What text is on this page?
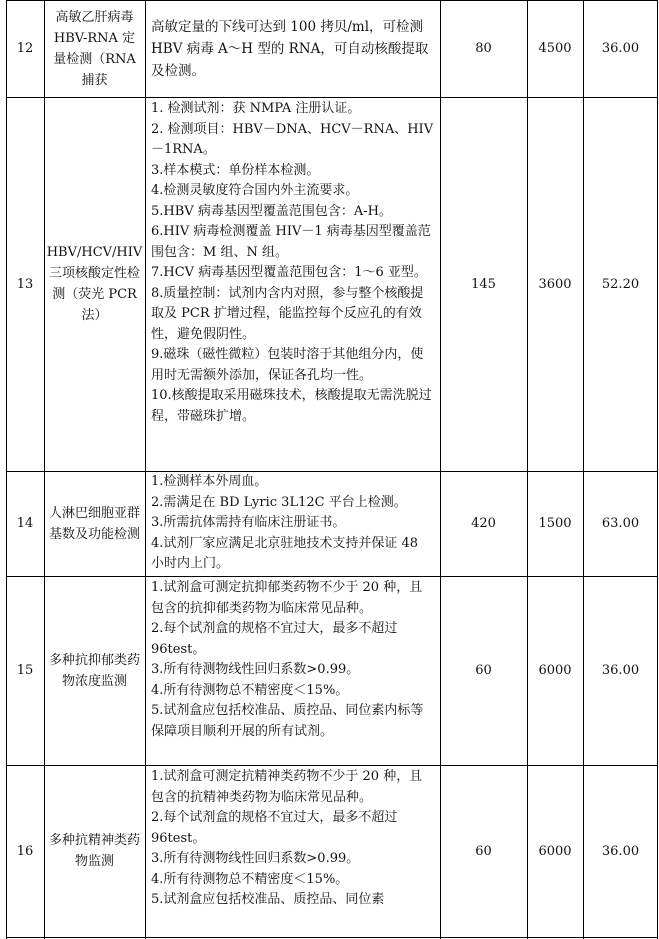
12
高敏乙肝病毒 HBV-RNA 定量检测（RNA 捕获
高敏定量的下线可达到 100 拷贝/ml，可检测 HBV 病毒 A～H 型的 RNA，可自动核酸提取及检测。
80	4500	36.00
13
HBV/HCV/HIV 三项核酸定性检测（荧光 PCR 法）
1. 检测试剂：获 NMPA 注册认证。
2. 检测项目：HBV－DNA、HCV－RNA、HIV－1RNA。
3.样本模式：单份样本检测。
4.检测灵敏度符合国内外主流要求。
5.HBV 病毒基因型覆盖范围包含：A-H。
6.HIV 病毒检测覆盖 HIV－1 病毒基因型覆盖范围包含：M 组、N 组。
7.HCV 病毒基因型覆盖范围包含：1～6 亚型。
8.质量控制：试剂内含内对照，参与整个核酸提取及 PCR 扩增过程，能监控每个反应孔的有效性，避免假阴性。
9.磁珠（磁性微粒）包装时溶于其他组分内，使用时无需额外添加，保证各孔均一性。
10.核酸提取采用磁珠技术，核酸提取无需洗脱过程，带磁珠扩增。
145	3600	52.20
14
人淋巴细胞亚群基数及功能检测
1.检测样本外周血。
2.需满足在 BD Lyric 3L12C 平台上检测。
3.所需抗体需持有临床注册证书。
4.试剂厂家应满足北京驻地技术支持并保证 48 小时内上门。
420	1500	63.00
15
多种抗抑郁类药物浓度监测
1.试剂盒可测定抗抑郁类药物不少于 20 种，且包含的抗抑郁类药物为临床常见品种。
2.每个试剂盒的规格不宜过大，最多不超过 96test。
3.所有待测物线性回归系数>0.99。
4.所有待测物总不精密度＜15%。
5.试剂盒应包括校准品、质控品、同位素内标等保障项目顺利开展的所有试剂。
60	6000	36.00
16
多种抗精神类药物监测
1.试剂盒可测定抗精神类药物不少于 20 种，且包含的抗精神类药物为临床常见品种。
2.每个试剂盒的规格不宜过大，最多不超过 96test。
3.所有待测物线性回归系数>0.99。
4.所有待测物总不精密度＜15%。
5.试剂盒应包括校准品、质控品、同位素
60	6000	36.00
